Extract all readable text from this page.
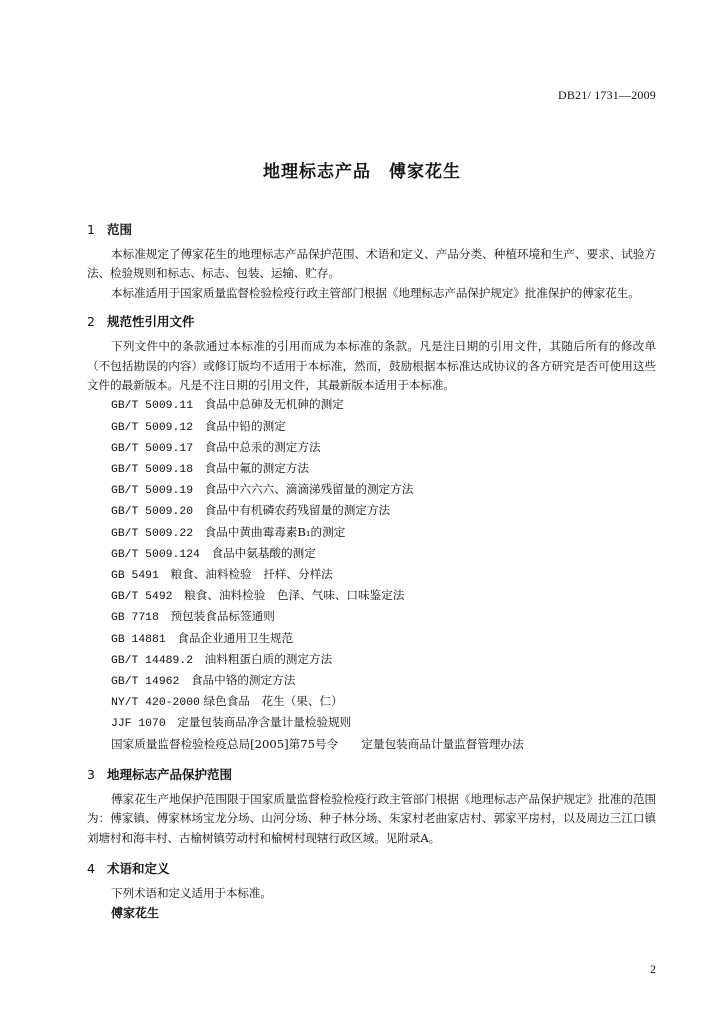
DB21/ 1731—2009
地理标志产品　傅家花生
1 范围
本标准规定了傅家花生的地理标志产品保护范围、术语和定义、产品分类、种植环境和生产、要求、试验方法、检验规则和标志、标志、包装、运输、贮存。
本标准适用于国家质量监督检验检疫行政主管部门根据《地理标志产品保护规定》批准保护的傅家花生。
2 规范性引用文件
下列文件中的条款通过本标准的引用而成为本标准的条款。凡是注日期的引用文件，其随后所有的修改单（不包括勘误的内容）或修订版均不适用于本标准，然而，鼓励根据本标准达成协议的各方研究是否可使用这些文件的最新版本。凡是不注日期的引用文件，其最新版本适用于本标准。
GB/T 5009.11　食品中总砷及无机砷的测定
GB/T 5009.12　食品中铅的测定
GB/T 5009.17　食品中总汞的测定方法
GB/T 5009.18　食品中氟的测定方法
GB/T 5009.19　食品中六六六、滴滴涕残留量的测定方法
GB/T 5009.20　食品中有机磷农药残留量的测定方法
GB/T 5009.22　食品中黄曲霉毒素B₁的测定
GB/T 5009.124　食品中氨基酸的测定
GB 5491　粮食、油料检验　扦样、分样法
GB/T 5492　粮食、油料检验　色泽、气味、口味鉴定法
GB 7718　预包装食品标签通则
GB 14881　食品企业通用卫生规范
GB/T 14489.2　油料粗蛋白质的测定方法
GB/T 14962　食品中铬的测定方法
NY/T 420-2000 绿色食品　花生（果、仁）
JJF 1070　定量包装商品净含量计量检验规则
国家质量监督检验检疫总局[2005]第75号令　　定量包装商品计量监督管理办法
3 地理标志产品保护范围
傅家花生产地保护范围限于国家质量监督检验检疫行政主管部门根据《地理标志产品保护规定》批准的范围为：傅家镇、傅家林场宝龙分场、山河分场、种子林分场、朱家村老曲家店村、郭家平房村，以及周边三江口镇刘塘村和海丰村、古榆树镇劳动村和榆树村现辖行政区域。见附录A。
4 术语和定义
下列术语和定义适用于本标准。
傅家花生
2
